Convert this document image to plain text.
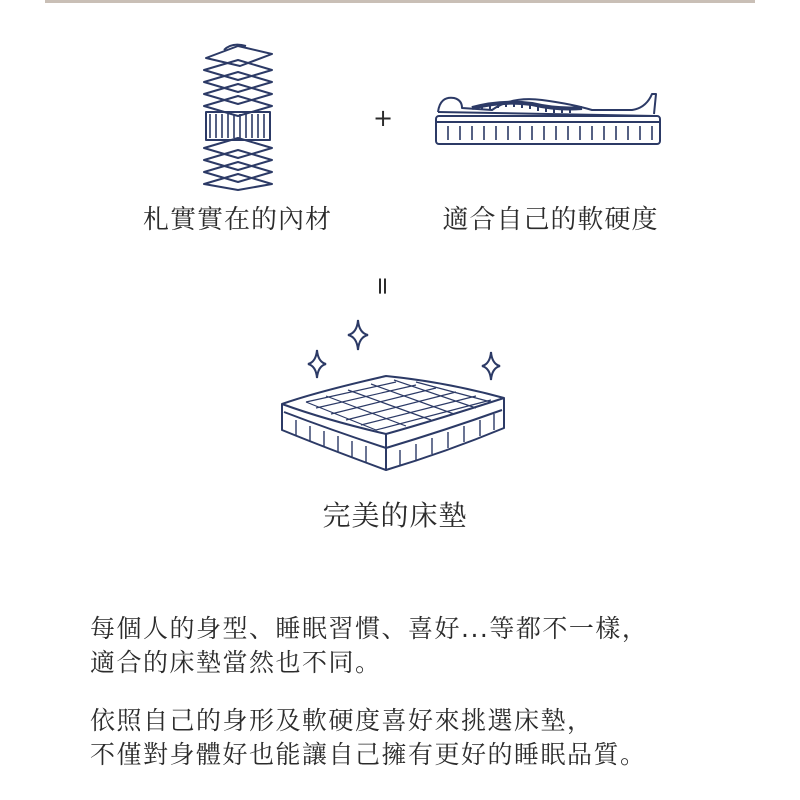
+
札實實在的內材	適合自己的軟硬度
=
完美的床墊
每個人的身型、睡眠習慣、喜好...等都不一樣，
適合的床墊當然也不同。
依照自己的身形及軟硬度喜好來挑選床墊，
不僅對身體好也能讓自己擁有更好的睡眠品質。
